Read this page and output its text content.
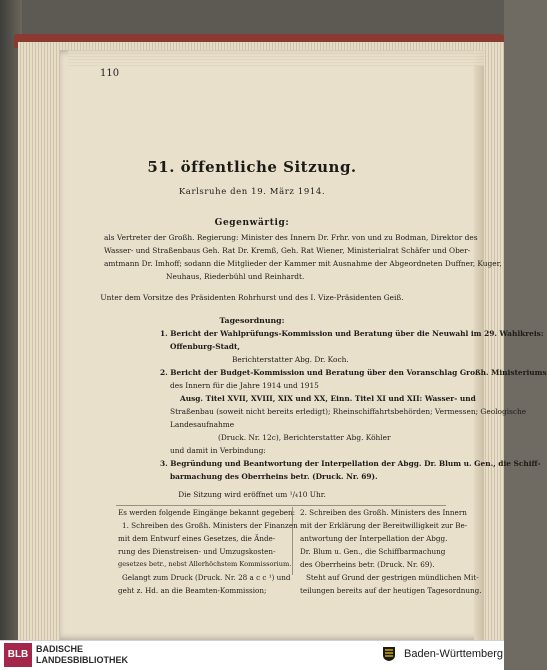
110
51. öffentliche Sitzung.
Karlsruhe den 19. März 1914.
Gegenwärtig:
als Vertreter der Großh. Regierung: Minister des Innern Dr. Frhr. von und zu Bodman, Direktor des
Wasser- und Straßenbaus Geh. Rat Dr. Kremß, Geh. Rat Wiener, Ministerialrat Schäfer und Ober-
amtmann Dr. Imhoff; sodann die Mitglieder der Kammer mit Ausnahme der Abgeordneten Duffner, Kuger,
Neuhaus, Riederbühl und Reinhardt.
Unter dem Vorsitze des Präsidenten Rohrhurst und des I. Vize-Präsidenten Geiß.
Tagesordnung:
1. Bericht der Wahlprüfungs-Kommission und Beratung über die Neuwahl im 29. Wahlkreis:
Offenburg-Stadt,
Berichterstatter Abg. Dr. Koch.
2. Bericht der Budget-Kommission und Beratung über den Voranschlag Großh. Ministeriums
des Innern für die Jahre 1914 und 1915
Ausg. Titel XVII, XVIII, XIX und XX, Einn. Titel XI und XII: Wasser- und
Straßenbau (soweit nicht bereits erledigt); Rheinschiffahrtsbehörden; Vermessen; Geologische
Landesaufnahme
(Druck. Nr. 12c), Berichterstatter Abg. Köhler
und damit in Verbindung:
3. Begründung und Beantwortung der Interpellation der Abgg. Dr. Blum u. Gen., die Schiff-
barmachung des Oberrheins betr. (Druck. Nr. 69).
Die Sitzung wird eröffnet um ¹/₄10 Uhr.
Es werden folgende Eingänge bekannt gegeben:
1. Schreiben des Großh. Ministers der Finanzen
mit dem Entwurf eines Gesetzes, die Ände-
rung des Dienstreisen- und Umzugskosten-
gesetzes betr., nebst Allerhöchstem Kommissorium.
Gelangt zum Druck (Druck. Nr. 28 a c c ¹) und
geht z. Hd. an die Beamten-Kommission;
2. Schreiben des Großh. Ministers des Innern
mit der Erklärung der Bereitwilligkeit zur Be-
antwortung der Interpellation der Abgg.
Dr. Blum u. Gen., die Schiffbarmachung
des Oberrheins betr. (Druck. Nr. 69).
Steht auf Grund der gestrigen mündlichen Mit-
teilungen bereits auf der heutigen Tagesordnung.
BLB BADISCHE
LANDESBIBLIOTHEK	Baden-Württemberg
